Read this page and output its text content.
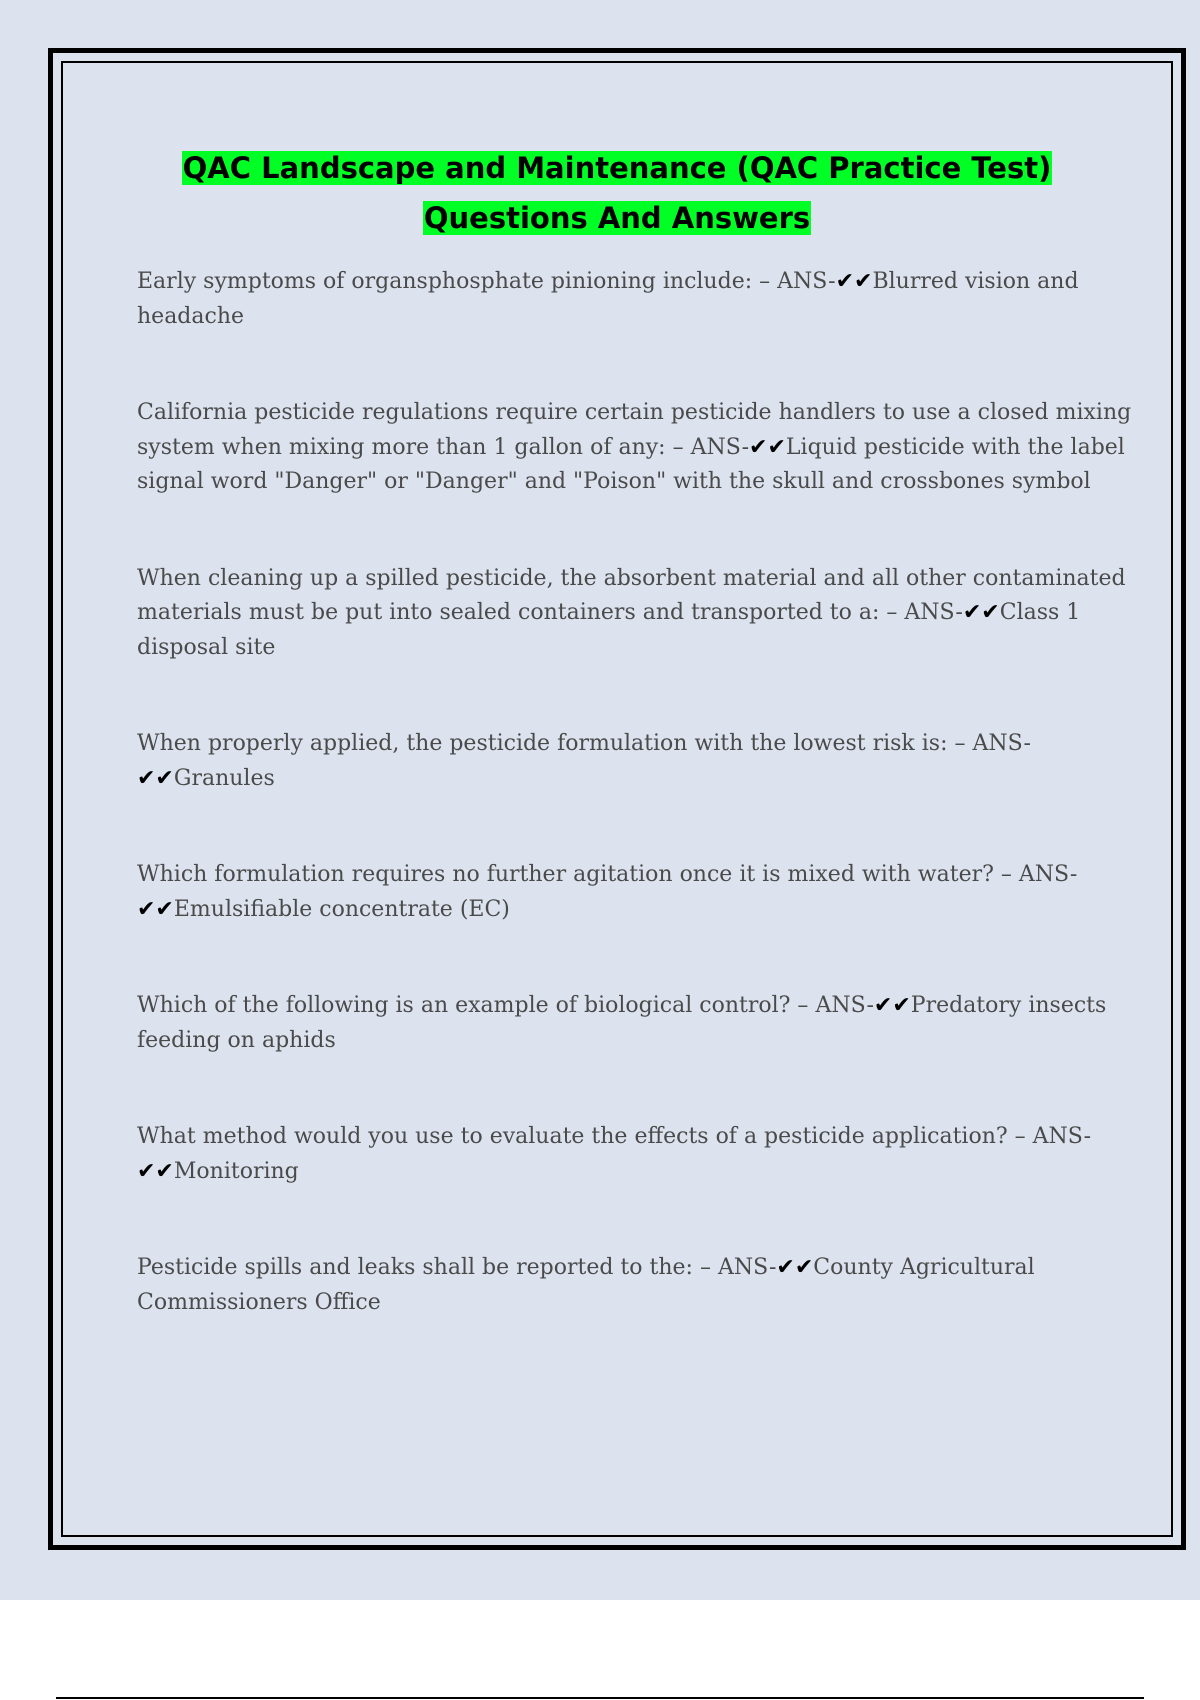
QAC Landscape and Maintenance (QAC Practice Test)
Questions And Answers

Early symptoms of organsphosphate pinioning include: – ANS-✔✔Blurred vision and headache

California pesticide regulations require certain pesticide handlers to use a closed mixing system when mixing more than 1 gallon of any: – ANS-✔✔Liquid pesticide with the label signal word "Danger" or "Danger" and "Poison" with the skull and crossbones symbol

When cleaning up a spilled pesticide, the absorbent material and all other contaminated materials must be put into sealed containers and transported to a: – ANS-✔✔Class 1 disposal site

When properly applied, the pesticide formulation with the lowest risk is: – ANS-✔✔Granules

Which formulation requires no further agitation once it is mixed with water? – ANS-✔✔Emulsifiable concentrate (EC)

Which of the following is an example of biological control? – ANS-✔✔Predatory insects feeding on aphids

What method would you use to evaluate the effects of a pesticide application? – ANS-✔✔Monitoring

Pesticide spills and leaks shall be reported to the: – ANS-✔✔County Agricultural Commissioners Office
